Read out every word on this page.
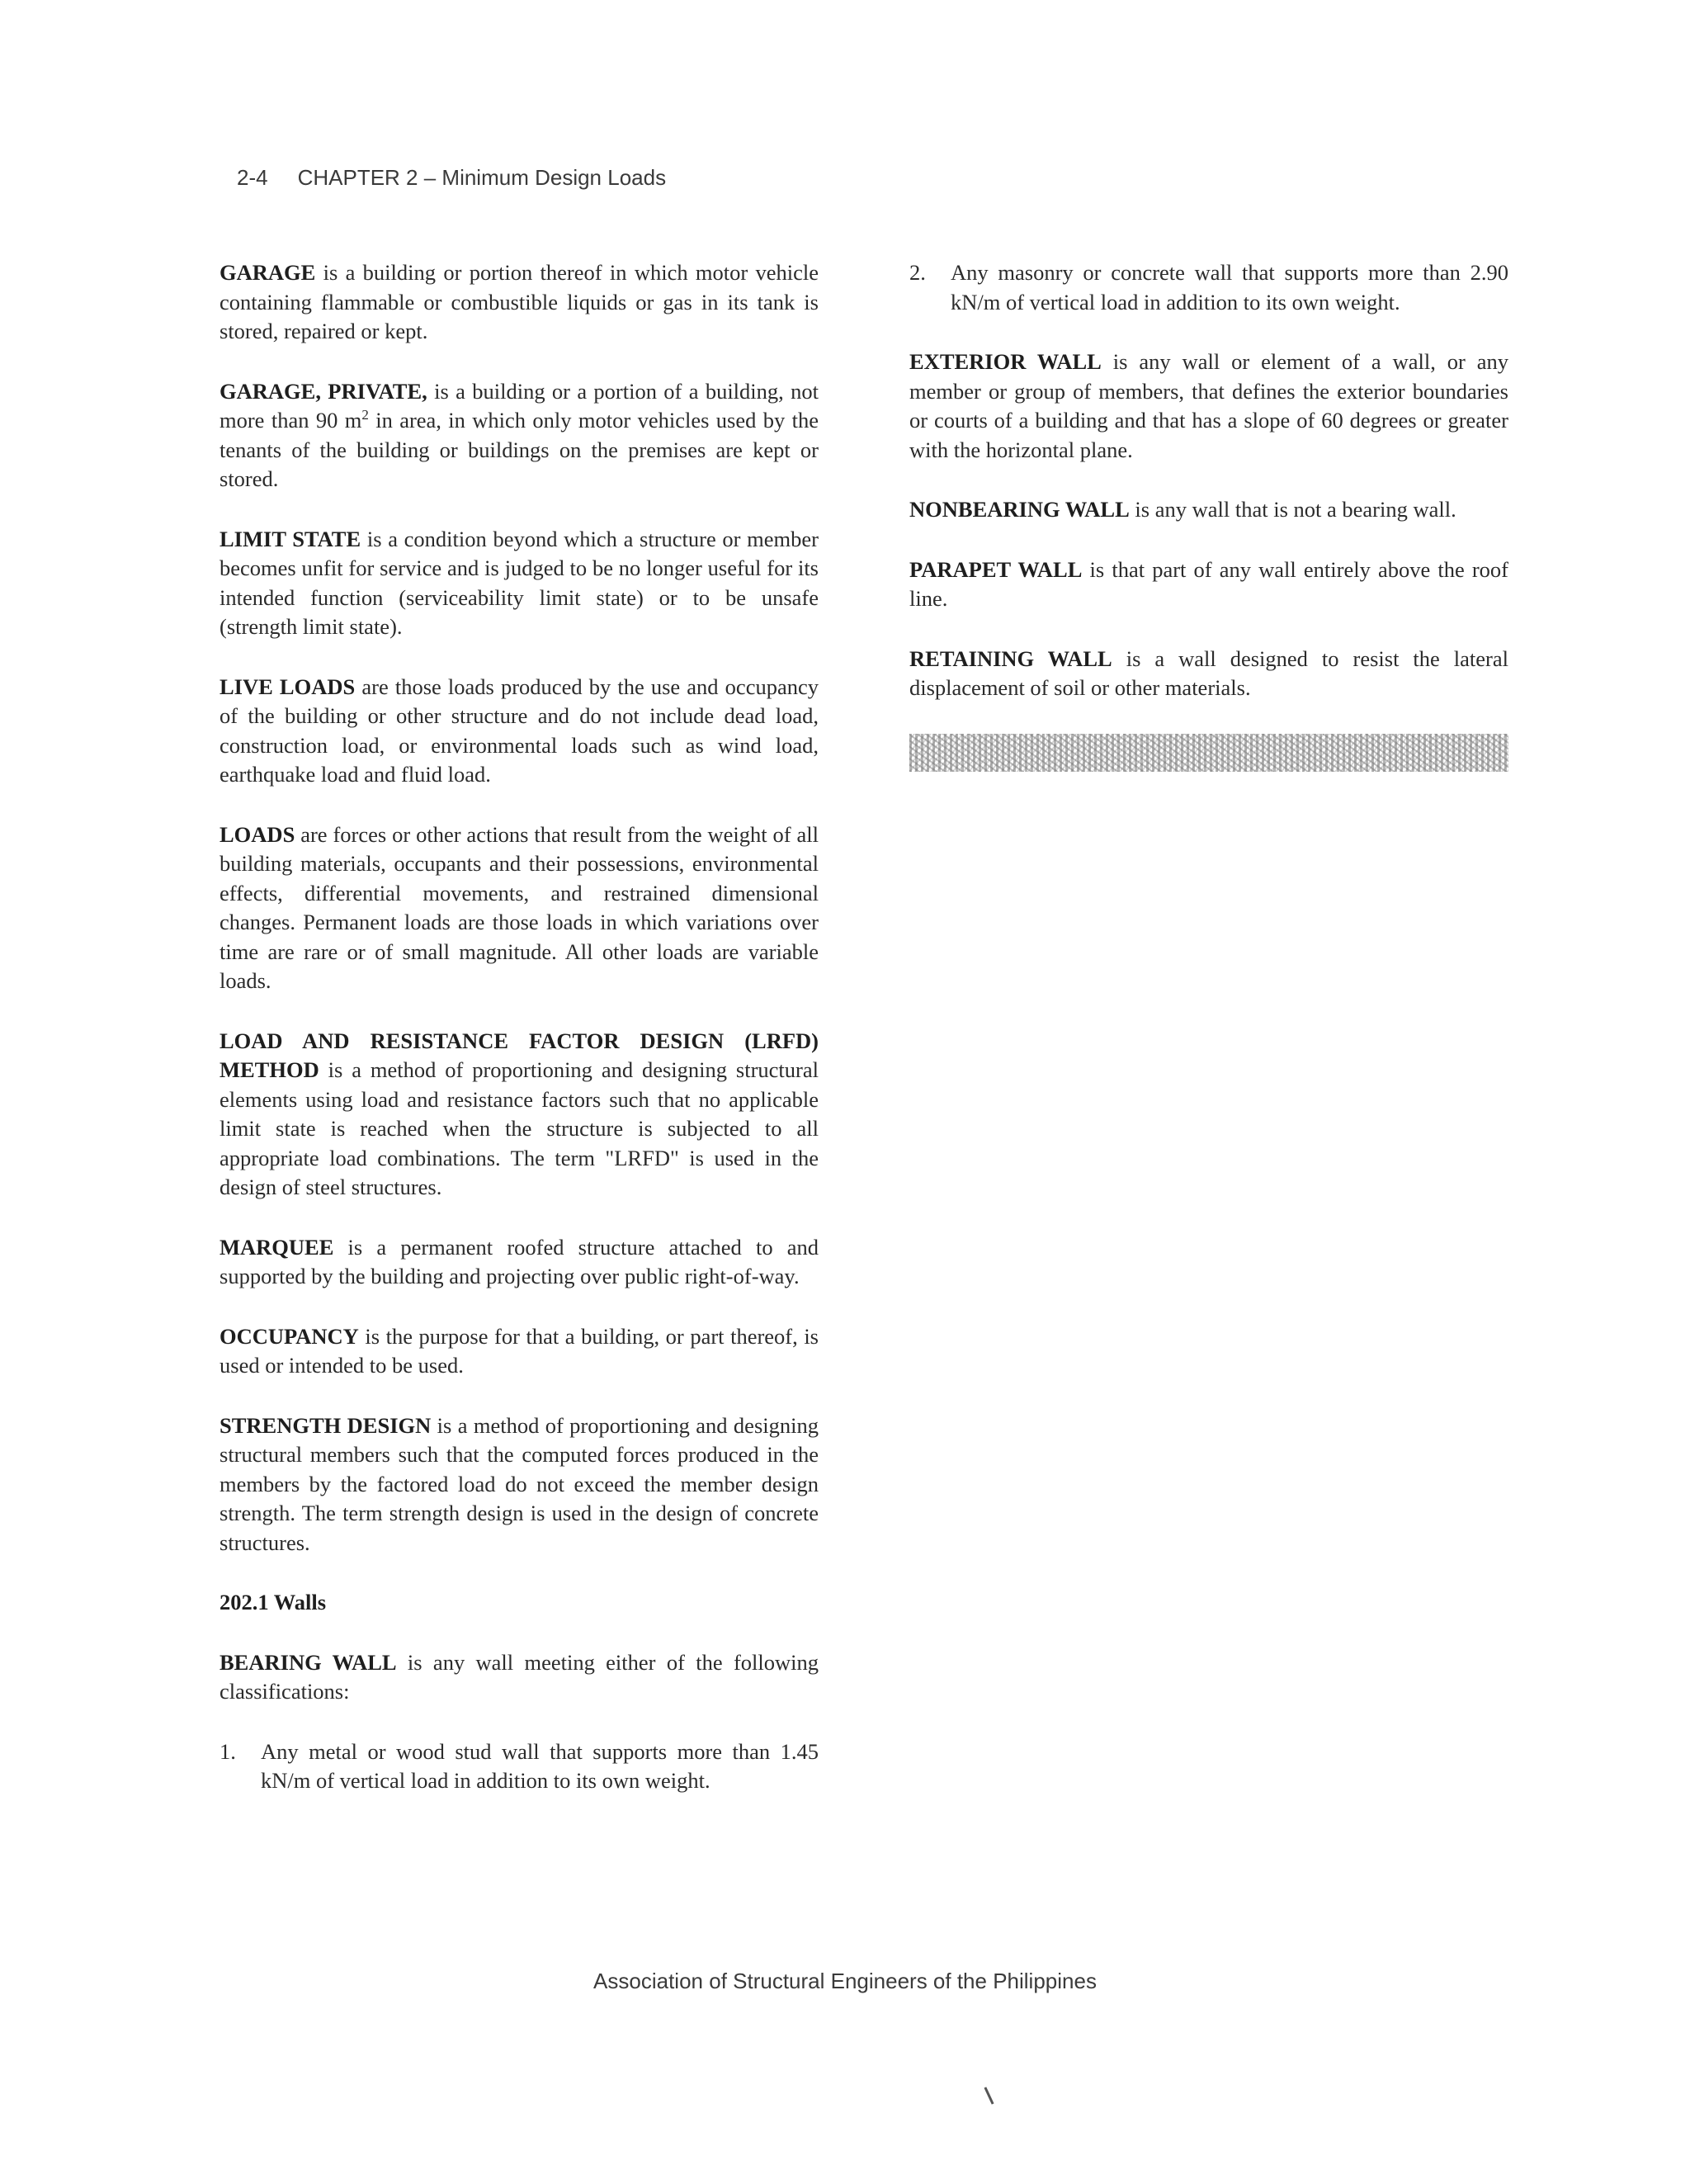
2-4 CHAPTER 2 – Minimum Design Loads

GARAGE is a building or portion thereof in which motor vehicle containing flammable or combustible liquids or gas in its tank is stored, repaired or kept.

GARAGE, PRIVATE, is a building or a portion of a building, not more than 90 $m^2$ in area, in which only motor vehicles used by the tenants of the building or buildings on the premises are kept or stored.

LIMIT STATE is a condition beyond which a structure or member becomes unfit for service and is judged to be no longer useful for its intended function (serviceability limit state) or to be unsafe (strength limit state).

LIVE LOADS are those loads produced by the use and occupancy of the building or other structure and do not include dead load, construction load, or environmental loads such as wind load, earthquake load and fluid load.

LOADS are forces or other actions that result from the weight of all building materials, occupants and their possessions, environmental effects, differential movements, and restrained dimensional changes. Permanent loads are those loads in which variations over time are rare or of small magnitude. All other loads are variable loads.

LOAD AND RESISTANCE FACTOR DESIGN (LRFD) METHOD is a method of proportioning and designing structural elements using load and resistance factors such that no applicable limit state is reached when the structure is subjected to all appropriate load combinations. The term "LRFD" is used in the design of steel structures.

MARQUEE is a permanent roofed structure attached to and supported by the building and projecting over public right-of-way.

OCCUPANCY is the purpose for that a building, or part thereof, is used or intended to be used.

STRENGTH DESIGN is a method of proportioning and designing structural members such that the computed forces produced in the members by the factored load do not exceed the member design strength. The term strength design is used in the design of concrete structures.

202.1 Walls

BEARING WALL is any wall meeting either of the following classifications:

1.	Any metal or wood stud wall that supports more than 1.45 kN/m of vertical load in addition to its own weight.
2.	Any masonry or concrete wall that supports more than 2.90 kN/m of vertical load in addition to its own weight.

EXTERIOR WALL is any wall or element of a wall, or any member or group of members, that defines the exterior boundaries or courts of a building and that has a slope of 60 degrees or greater with the horizontal plane.

NONBEARING WALL is any wall that is not a bearing wall.

PARAPET WALL is that part of any wall entirely above the roof line.

RETAINING WALL is a wall designed to resist the lateral displacement of soil or other materials.

Association of Structural Engineers of the Philippines
